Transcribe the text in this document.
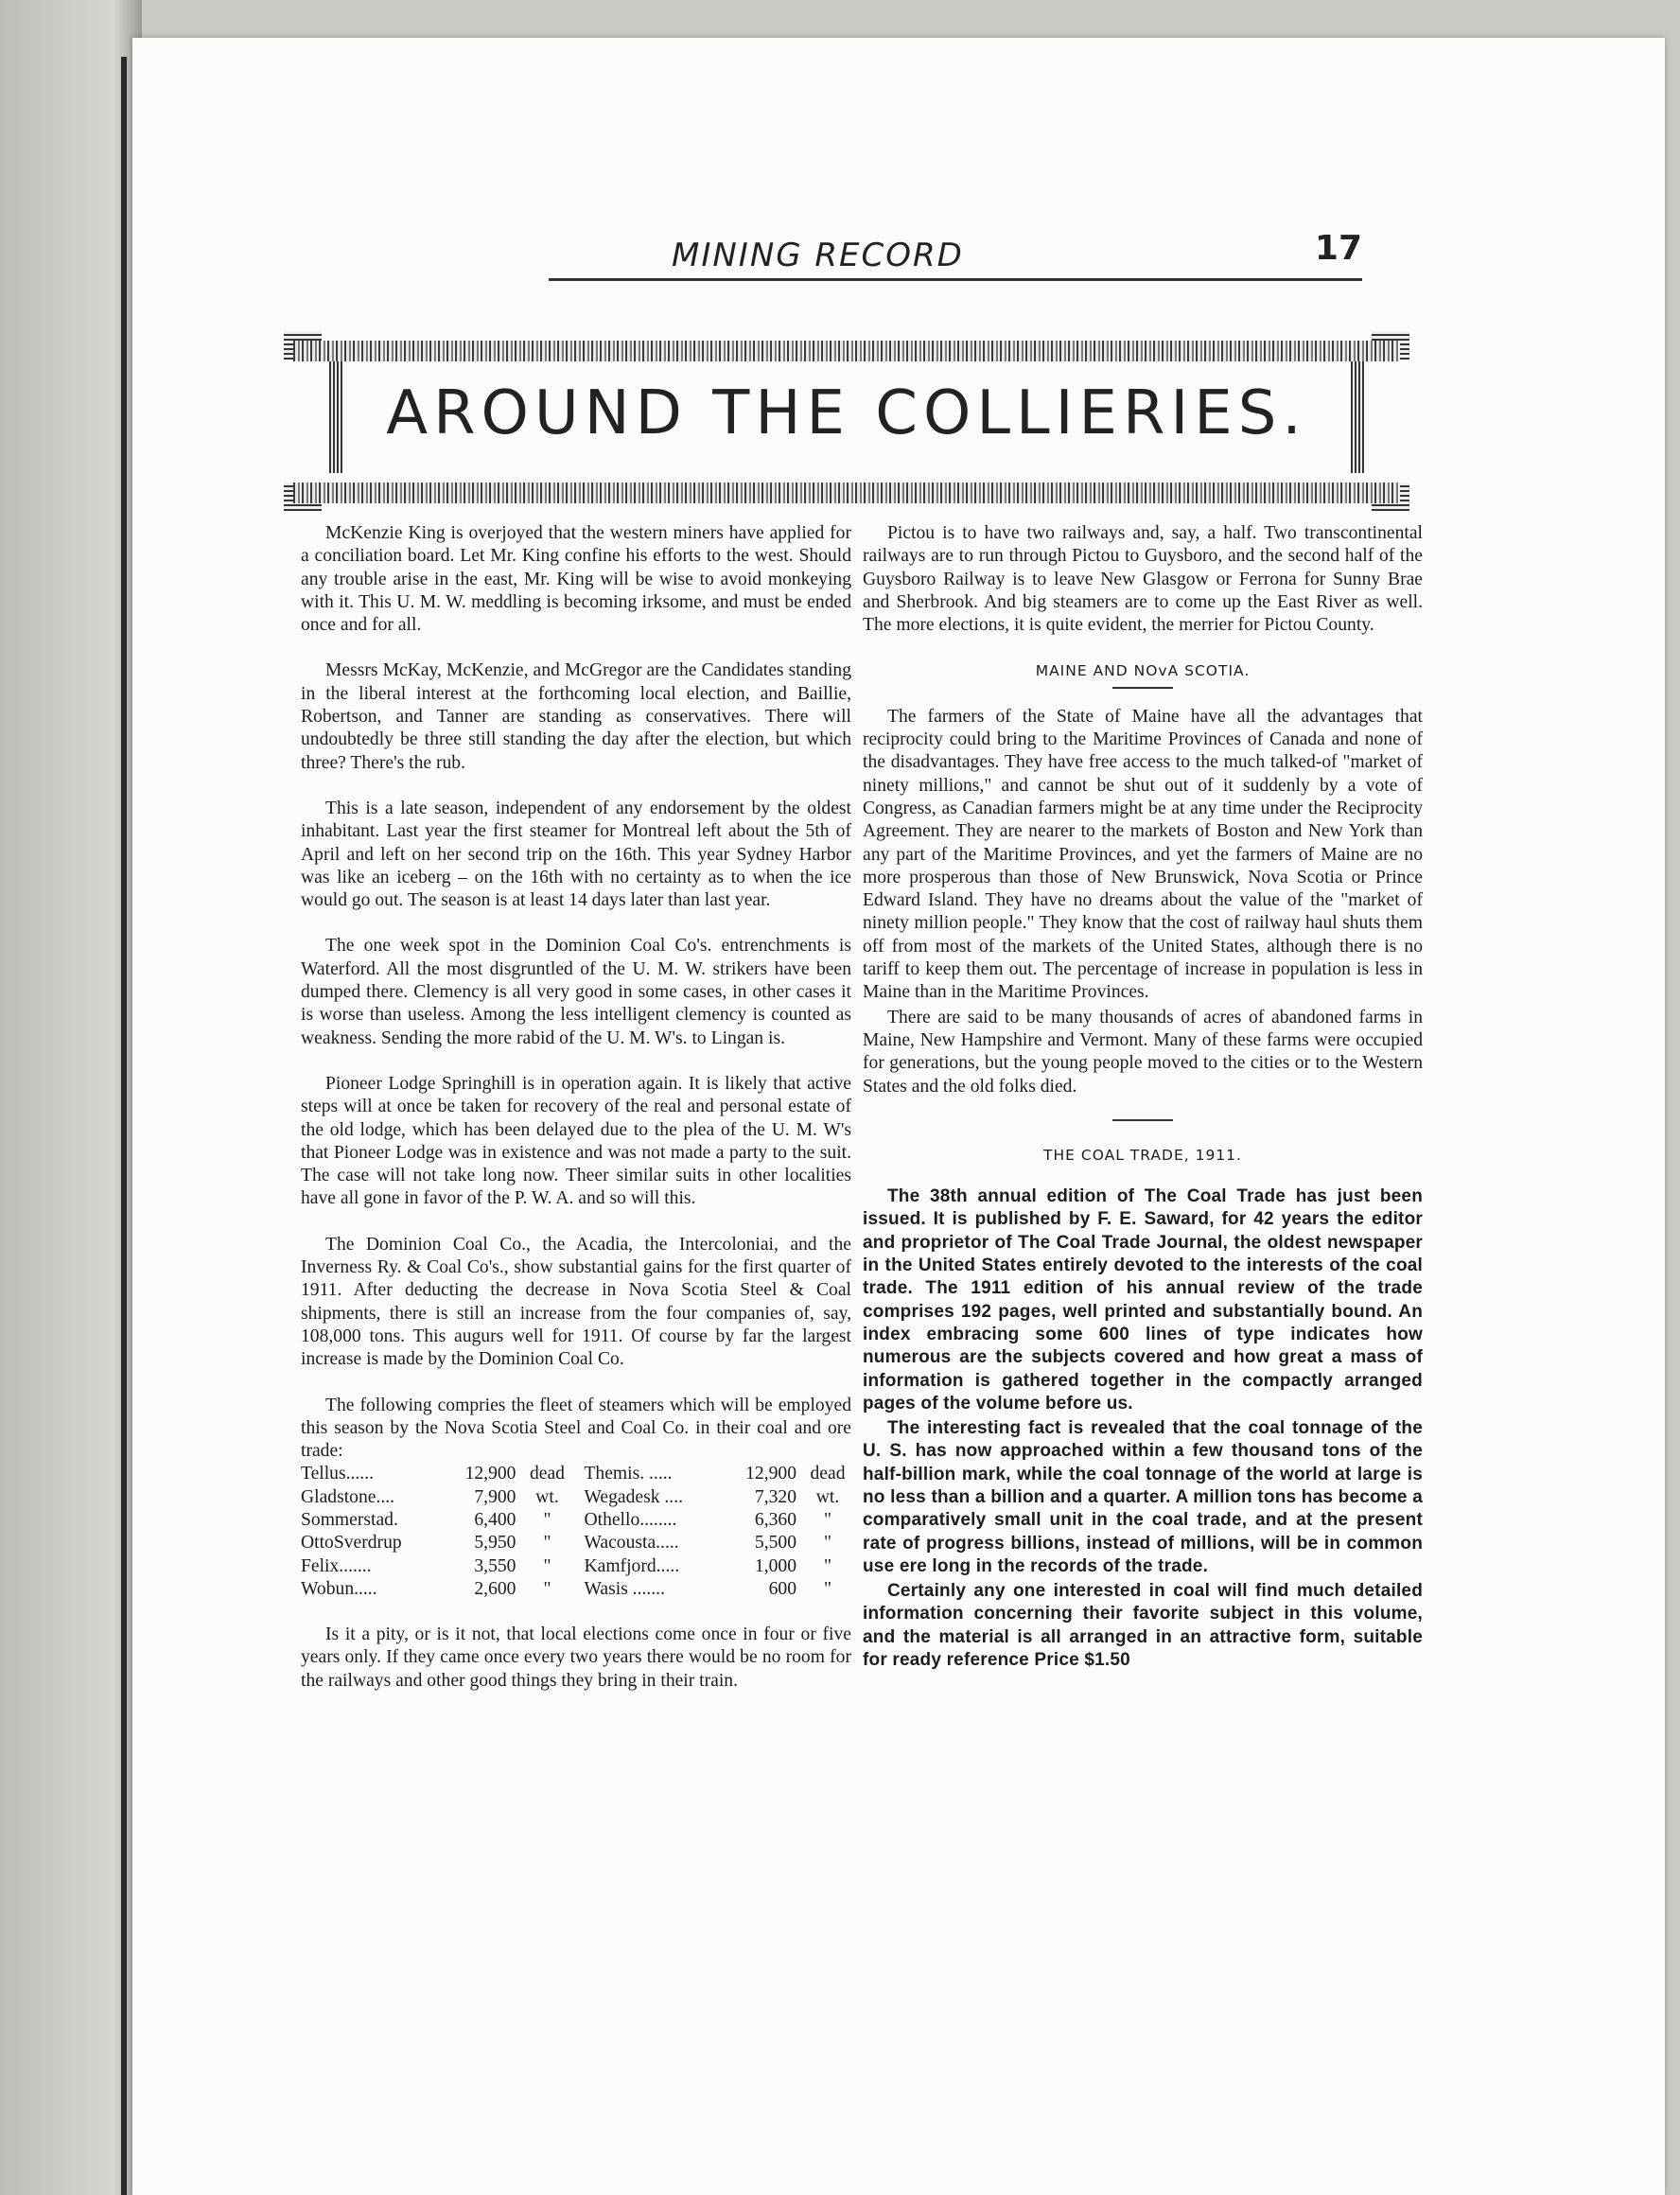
MINING RECORD	17
AROUND THE COLLIERIES.

McKenzie King is overjoyed that the western miners have applied for a conciliation board. Let Mr. King confine his efforts to the west. Should any trouble arise in the east, Mr. King will be wise to avoid monkeying with it. This U. M. W. meddling is becoming irksome, and must be ended once and for all.

Messrs McKay, McKenzie, and McGregor are the Candidates standing in the liberal interest at the forthcoming local election, and Baillie, Robertson, and Tanner are standing as conservatives. There will undoubtedly be three still standing the day after the election, but which three? There's the rub.

This is a late season, independent of any endorsement by the oldest inhabitant. Last year the first steamer for Montreal left about the 5th of April and left on her second trip on the 16th. This year Sydney Harbor was like an iceberg – on the 16th with no certainty as to when the ice would go out. The season is at least 14 days later than last year.

The one week spot in the Dominion Coal Co's. entrenchments is Waterford. All the most disgruntled of the U. M. W. strikers have been dumped there. Clemency is all very good in some cases, in other cases it is worse than useless. Among the less intelligent clemency is counted as weakness. Sending the more rabid of the U. M. W's. to Lingan is.

Pioneer Lodge Springhill is in operation again. It is likely that active steps will at once be taken for recovery of the real and personal estate of the old lodge, which has been delayed due to the plea of the U. M. W's that Pioneer Lodge was in existence and was not made a party to the suit. The case will not take long now. Theer similar suits in other localities have all gone in favor of the P. W. A. and so will this.

The Dominion Coal Co., the Acadia, the Intercoloniai, and the Inverness Ry. & Coal Co's., show substantial gains for the first quarter of 1911. After deducting the decrease in Nova Scotia Steel & Coal shipments, there is still an increase from the four companies of, say, 108,000 tons. This augurs well for 1911. Of course by far the largest increase is made by the Dominion Coal Co.

The following compries the fleet of steamers which will be employed this season by the Nova Scotia Steel and Coal Co. in their coal and ore trade:

Tellus......	12,900	dead		Themis. .....	12,900	dead
Gladstone....	7,900	wt.		Wegadesk ....	7,320	wt.
Sommerstad.	6,400	"		Othello........	6,360	"
OttoSverdrup	5,950	"		Wacousta.....	5,500	"
Felix.......	3,550	"		Kamfjord.....	1,000	"
Wobun.....	2,600	"		Wasis .......	600	"

Is it a pity, or is it not, that local elections come once in four or five years only. If they came once every two years there would be no room for the railways and other good things they bring in their train.

Pictou is to have two railways and, say, a half. Two transcontinental railways are to run through Pictou to Guysboro, and the second half of the Guysboro Railway is to leave New Glasgow or Ferrona for Sunny Brae and Sherbrook. And big steamers are to come up the East River as well. The more elections, it is quite evident, the merrier for Pictou County.

MAINE AND NOvA SCOTIA.

The farmers of the State of Maine have all the advantages that reciprocity could bring to the Maritime Provinces of Canada and none of the disadvantages. They have free access to the much talked-of "market of ninety millions," and cannot be shut out of it suddenly by a vote of Congress, as Canadian farmers might be at any time under the Reciprocity Agreement. They are nearer to the markets of Boston and New York than any part of the Maritime Provinces, and yet the farmers of Maine are no more prosperous than those of New Brunswick, Nova Scotia or Prince Edward Island. They have no dreams about the value of the "market of ninety million people." They know that the cost of railway haul shuts them off from most of the markets of the United States, although there is no tariff to keep them out. The percentage of increase in population is less in Maine than in the Maritime Provinces.

There are said to be many thousands of acres of abandoned farms in Maine, New Hampshire and Vermont. Many of these farms were occupied for generations, but the young people moved to the cities or to the Western States and the old folks died.

THE COAL TRADE, 1911.

The 38th annual edition of The Coal Trade has just been issued. It is published by F. E. Saward, for 42 years the editor and proprietor of The Coal Trade Journal, the oldest newspaper in the United States entirely devoted to the interests of the coal trade. The 1911 edition of his annual review of the trade comprises 192 pages, well printed and substantially bound. An index embracing some 600 lines of type indicates how numerous are the subjects covered and how great a mass of information is gathered together in the compactly arranged pages of the volume before us.

The interesting fact is revealed that the coal tonnage of the U. S. has now approached within a few thousand tons of the half-billion mark, while the coal tonnage of the world at large is no less than a billion and a quarter. A million tons has become a comparatively small unit in the coal trade, and at the present rate of progress billions, instead of millions, will be in common use ere long in the records of the trade.

Certainly any one interested in coal will find much detailed information concerning their favorite subject in this volume, and the material is all arranged in an attractive form, suitable for ready reference Price $1.50
